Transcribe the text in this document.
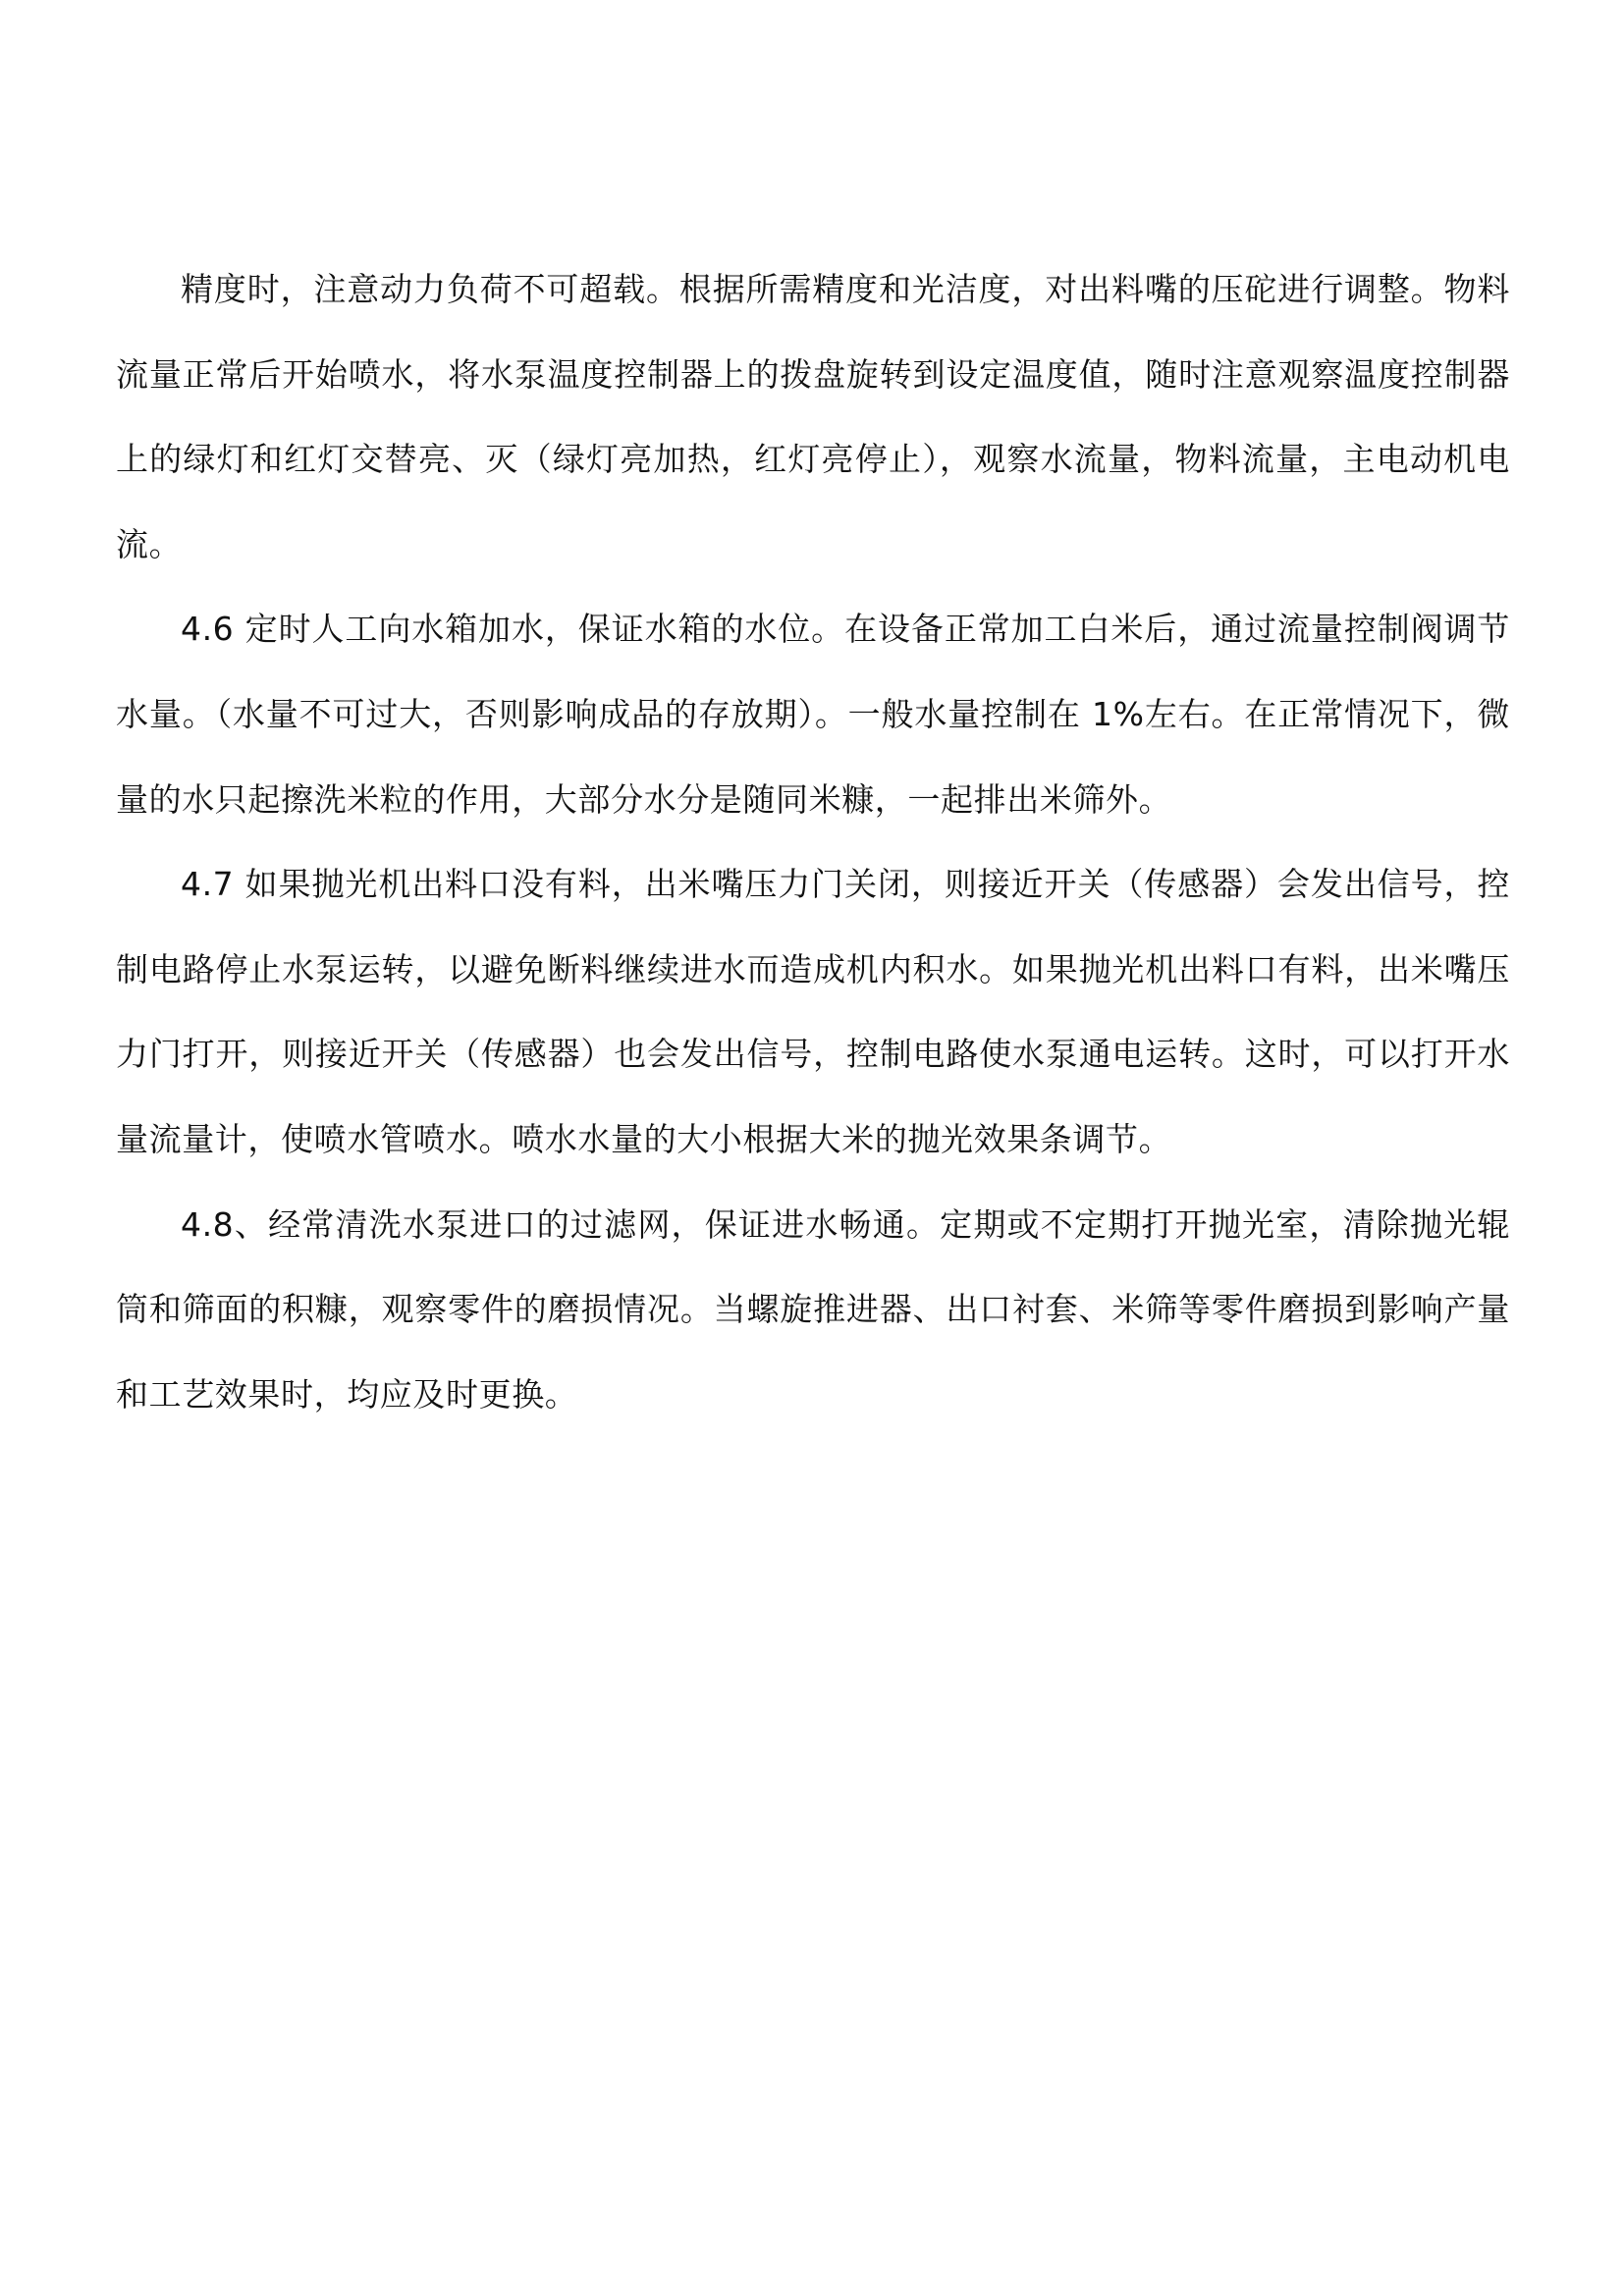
精度时，注意动力负荷不可超载。根据所需精度和光洁度，对出料嘴的压砣进行调整。物料流量正常后开始喷水，将水泵温度控制器上的拨盘旋转到设定温度值，随时注意观察温度控制器上的绿灯和红灯交替亮、灭（绿灯亮加热，红灯亮停止），观察水流量，物料流量，主电动机电流。

4.6 定时人工向水箱加水，保证水箱的水位。在设备正常加工白米后，通过流量控制阀调节水量。（水量不可过大，否则影响成品的存放期）。一般水量控制在 1%左右。在正常情况下，微量的水只起擦洗米粒的作用，大部分水分是随同米糠，一起排出米筛外。

4.7 如果抛光机出料口没有料，出米嘴压力门关闭，则接近开关（传感器）会发出信号，控制电路停止水泵运转，以避免断料继续进水而造成机内积水。如果抛光机出料口有料，出米嘴压力门打开，则接近开关（传感器）也会发出信号，控制电路使水泵通电运转。这时，可以打开水量流量计，使喷水管喷水。喷水水量的大小根据大米的抛光效果条调节。

4.8、经常清洗水泵进口的过滤网，保证进水畅通。定期或不定期打开抛光室，清除抛光辊筒和筛面的积糠，观察零件的磨损情况。当螺旋推进器、出口衬套、米筛等零件磨损到影响产量和工艺效果时，均应及时更换。
